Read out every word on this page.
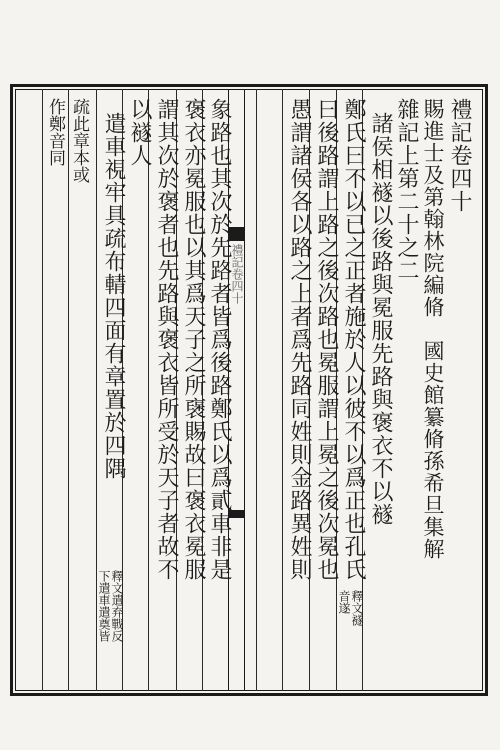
禮記卷四十
禮記卷四十
賜進士及第翰林院編脩　國史館纂脩孫希旦集解
雜記上第二十之二
諸侯相襚以後路與冕服先路與褒衣不以襚
鄭氏曰不以已之正者施於人以彼不以爲正也孔氏
曰後路謂上路之後次路也冕服謂上冕之後次冕也
愚謂諸侯各以路之上者爲先路同姓則金路異姓則
象路也其次於先路者皆爲後路鄭氏以爲貳車非是
褒衣亦冕服也以其爲天子之所襃賜故曰褒衣冕服
謂其次於褒者也先路與褒衣皆所受於天子者故不
以襚人
遣車視牢具疏布輤四面有章置於四隅
疏此章本或
作鄭音同
釋文襚
音遂
釋文遣弃戰反
下遣車遣奠皆
